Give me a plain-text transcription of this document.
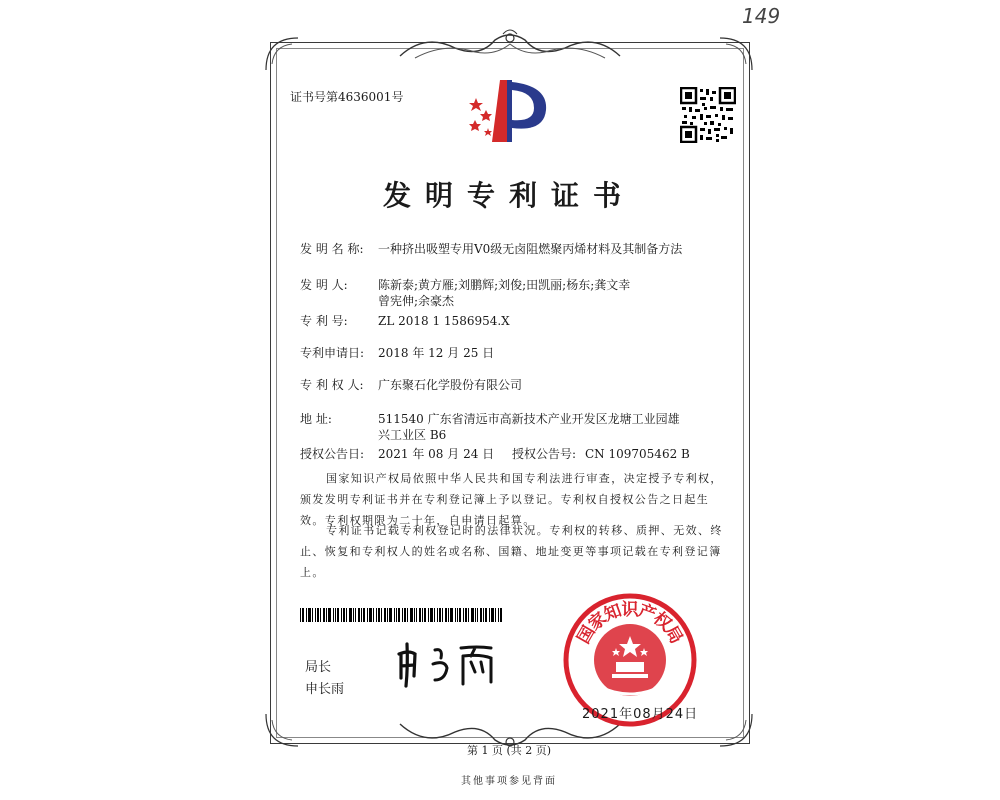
149
证书号第4636001号
发明专利证书
发 明 名 称: 一种挤出吸塑专用V0级无卤阻燃聚丙烯材料及其制备方法
发 明 人:	陈新泰;黄方雁;刘鹏辉;刘俊;田凯丽;杨东;龚文幸
曾宪伸;余豪杰
专 利 号:	ZL 2018 1 1586954.X
专利申请日: 2018 年 12 月 25 日
专 利 权 人: 广东聚石化学股份有限公司
地 址:	511540 广东省清远市高新技术产业开发区龙塘工业园雄
兴工业区 B6
授权公告日: 2021 年 08 月 24 日	授权公告号: CN 109705462 B
国家知识产权局依照中华人民共和国专利法进行审查，决定授予专利权，颁发发明专利证书并在专利登记簿上予以登记。专利权自授权公告之日起生效。专利权期限为二十年，自申请日起算。
专利证书记载专利权登记时的法律状况。专利权的转移、质押、无效、终止、恢复和专利权人的姓名或名称、国籍、地址变更等事项记载在专利登记簿上。
局长
申长雨
国
家
知
识
产
权
局
2021年08月24日
第 1 页 (共 2 页)
其他事项参见背面
